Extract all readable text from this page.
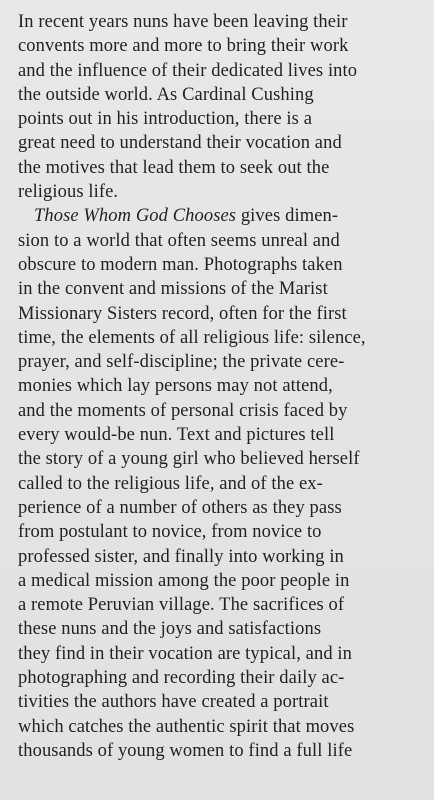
In recent years nuns have been leaving their
convents more and more to bring their work
and the influence of their dedicated lives into
the outside world. As Cardinal Cushing
points out in his introduction, there is a
great need to understand their vocation and
the motives that lead them to seek out the
religious life.
Those Whom God Chooses gives dimen-
sion to a world that often seems unreal and
obscure to modern man. Photographs taken
in the convent and missions of the Marist
Missionary Sisters record, often for the first
time, the elements of all religious life: silence,
prayer, and self-discipline; the private cere-
monies which lay persons may not attend,
and the moments of personal crisis faced by
every would-be nun. Text and pictures tell
the story of a young girl who believed herself
called to the religious life, and of the ex-
perience of a number of others as they pass
from postulant to novice, from novice to
professed sister, and finally into working in
a medical mission among the poor people in
a remote Peruvian village. The sacrifices of
these nuns and the joys and satisfactions
they find in their vocation are typical, and in
photographing and recording their daily ac-
tivities the authors have created a portrait
which catches the authentic spirit that moves
thousands of young women to find a full life
